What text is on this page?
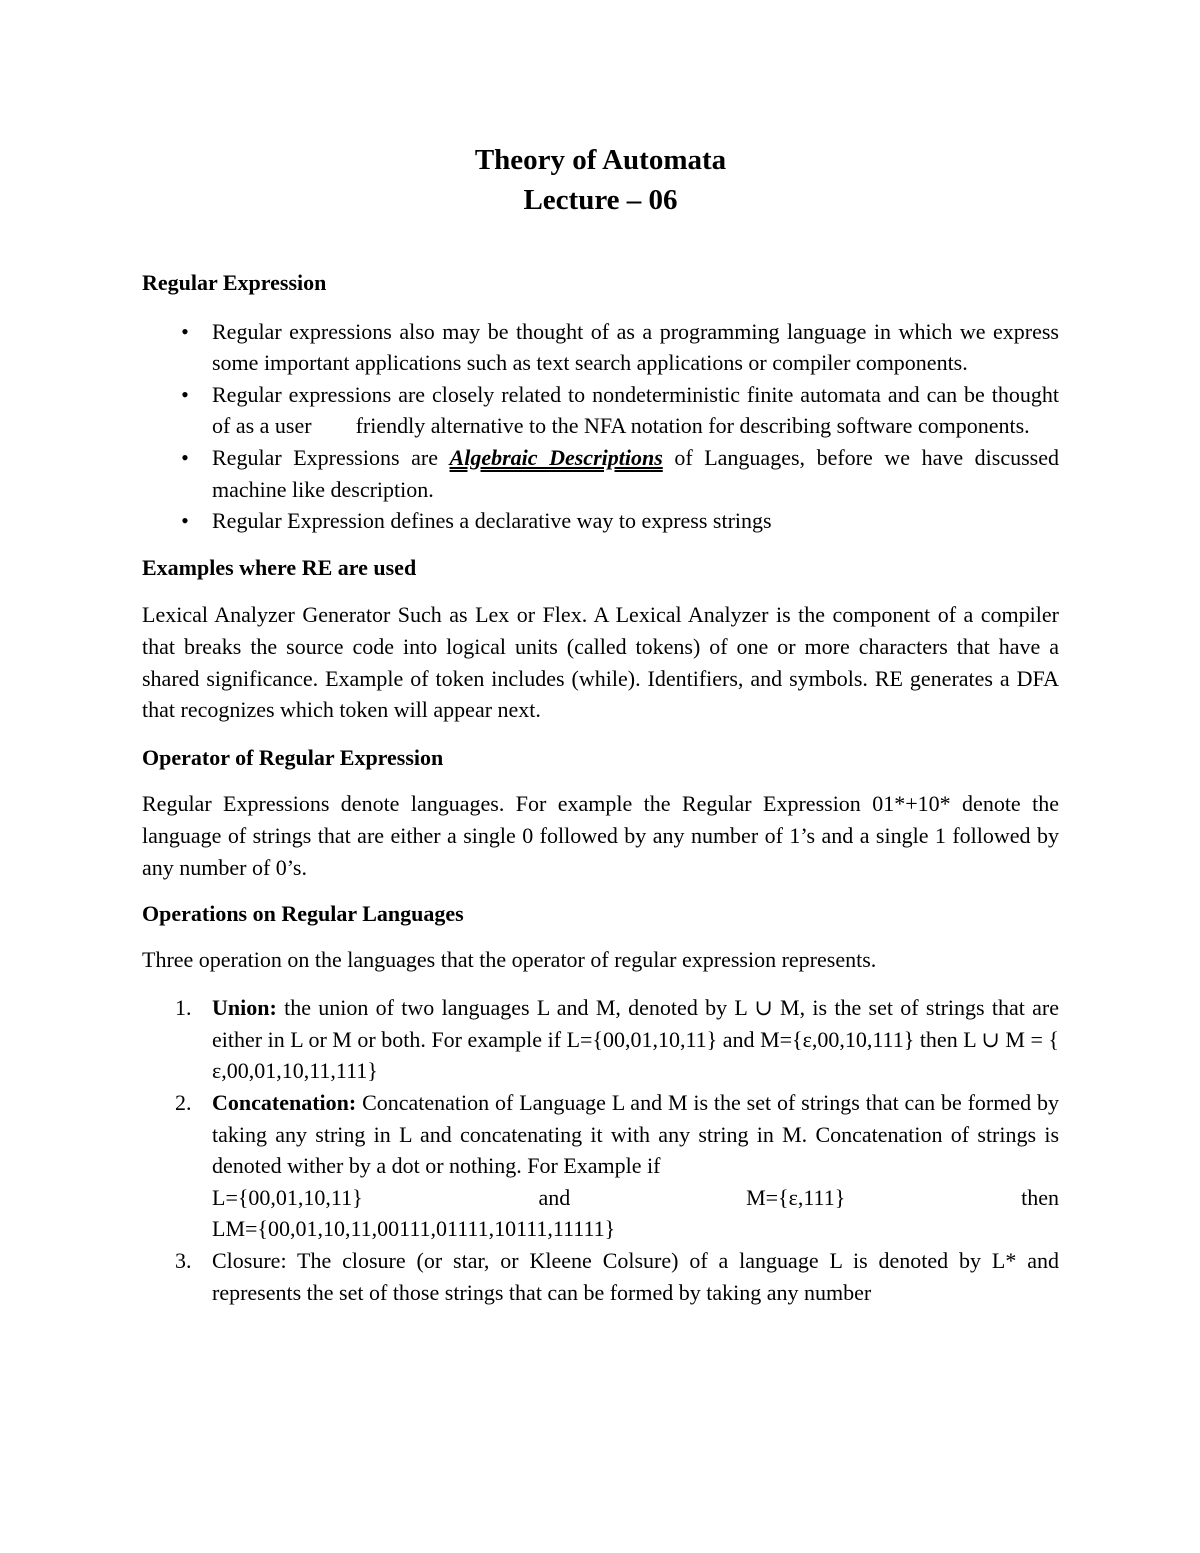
Theory of Automata
Lecture – 06

Regular Expression

• Regular expressions also may be thought of as a programming language in which we express some important applications such as text search applications or compiler components.
• Regular expressions are closely related to nondeterministic finite automata and can be thought of as a user        friendly alternative to the NFA notation for describing software components.
• Regular Expressions are Algebraic Descriptions of Languages, before we have discussed machine like description.
• Regular Expression defines a declarative way to express strings

Examples where RE are used

Lexical Analyzer Generator Such as Lex or Flex. A Lexical Analyzer is the component of a compiler that breaks the source code into logical units (called tokens) of one or more characters that have a shared significance. Example of token includes (while). Identifiers, and symbols. RE generates a DFA that recognizes which token will appear next.

Operator of Regular Expression

Regular Expressions denote languages. For example the Regular Expression 01*+10* denote the language of strings that are either a single 0 followed by any number of 1’s and a single 1 followed by any number of 0’s.

Operations on Regular Languages

Three operation on the languages that the operator of regular expression represents.

1. Union: the union of two languages L and M, denoted by L ∪ M, is the set of strings that are either in L or M or both. For example if L={00,01,10,11} and M={ε,00,10,111} then L ∪ M = { ε,00,01,10,11,111}
2. Concatenation: Concatenation of Language L and M is the set of strings that can be formed by taking any string in L and concatenating it with any string in M. Concatenation of strings is denoted wither by a dot or nothing. For Example if
L={00,01,10,11}	and	M={ε,111}	then
LM={00,01,10,11,00111,01111,10111,11111}
3. Closure: The closure (or star, or Kleene Colsure) of a language L is denoted by L* and represents the set of those strings that can be formed by taking any number
